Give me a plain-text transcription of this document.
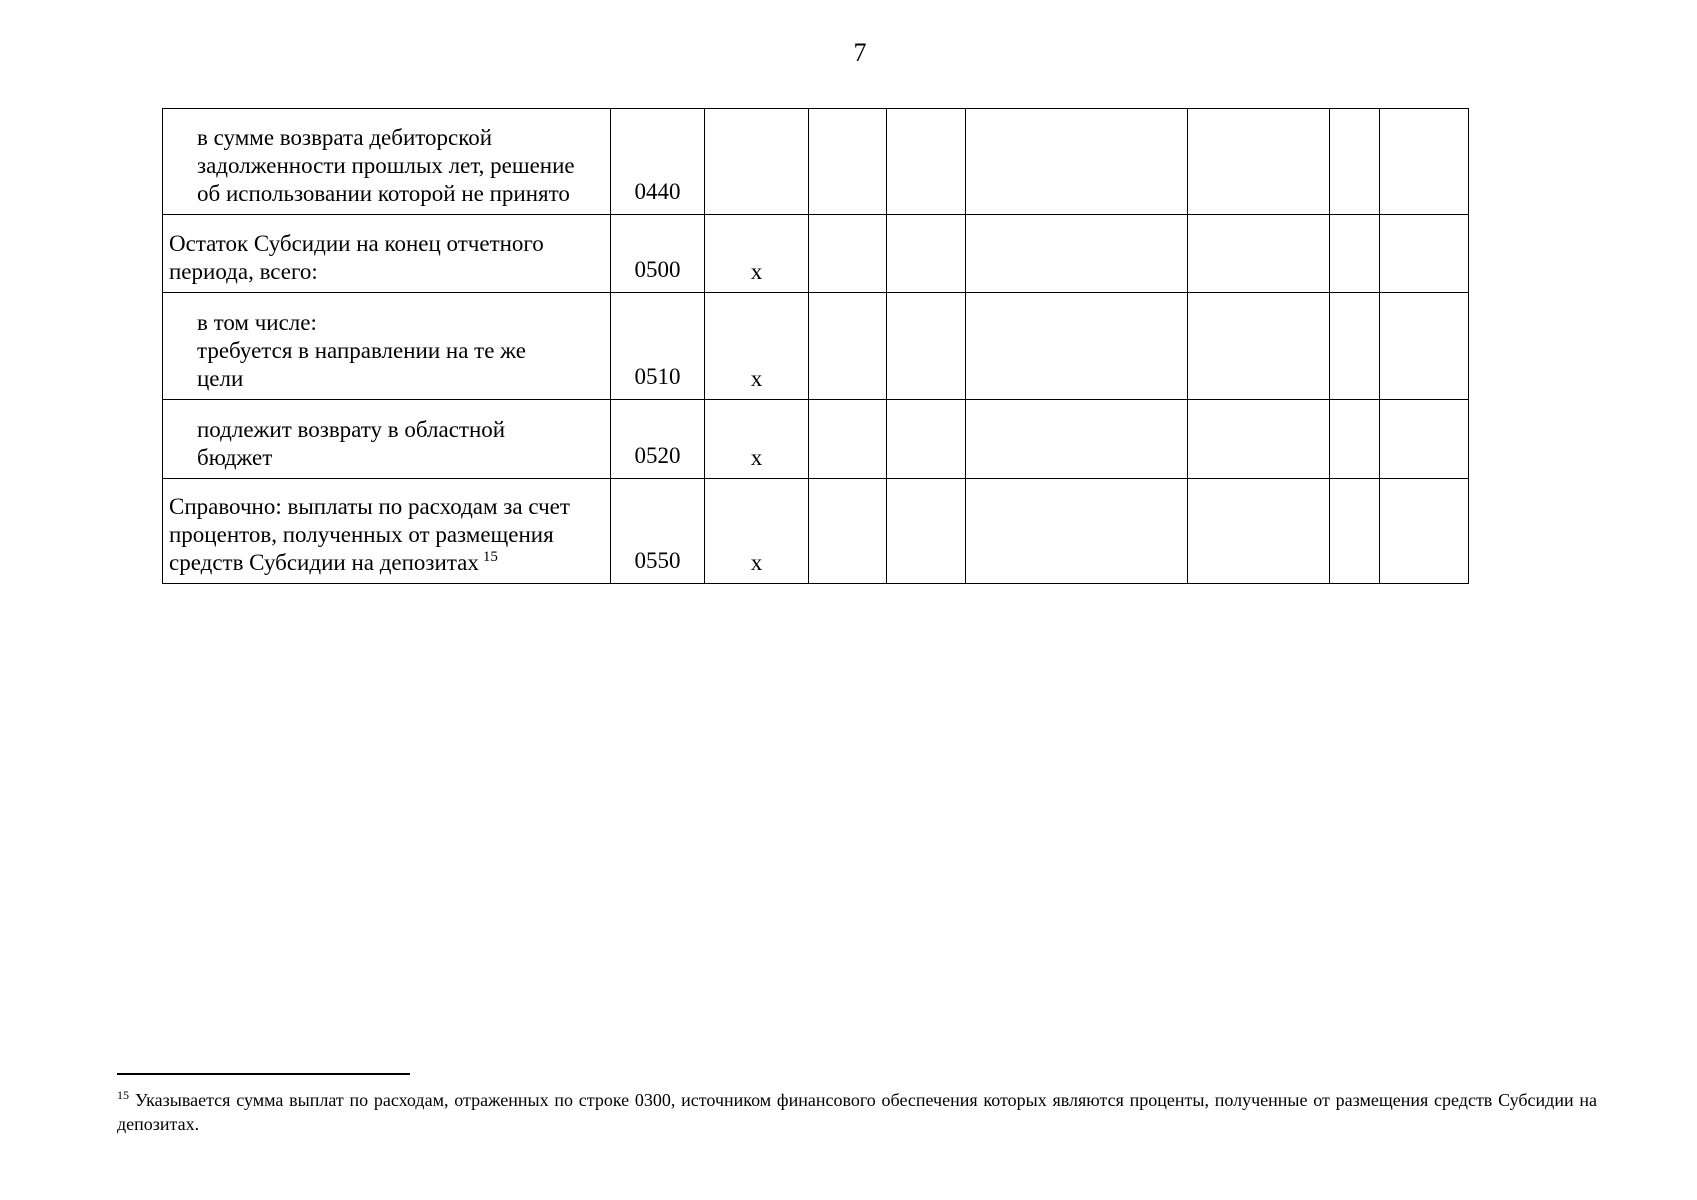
7
в сумме возврата дебиторской
задолженности прошлых лет, решение
об использовании которой не принято	0440							

Остаток Субсидии на конец отчетного
периода, всего:	0500	x						

в том числе:
требуется в направлении на те же
цели	0510	x						

подлежит возврату в областной
бюджет	0520	x						

Справочно: выплаты по расходам за счет
процентов, полученных от размещения
средств Субсидии на депозитах $^{15}$	0550	x						
$^{15}$ Указывается сумма выплат по расходам, отраженных по строке 0300, источником финансового обеспечения которых являются проценты, полученные от размещения средств Субсидии на депозитах.
